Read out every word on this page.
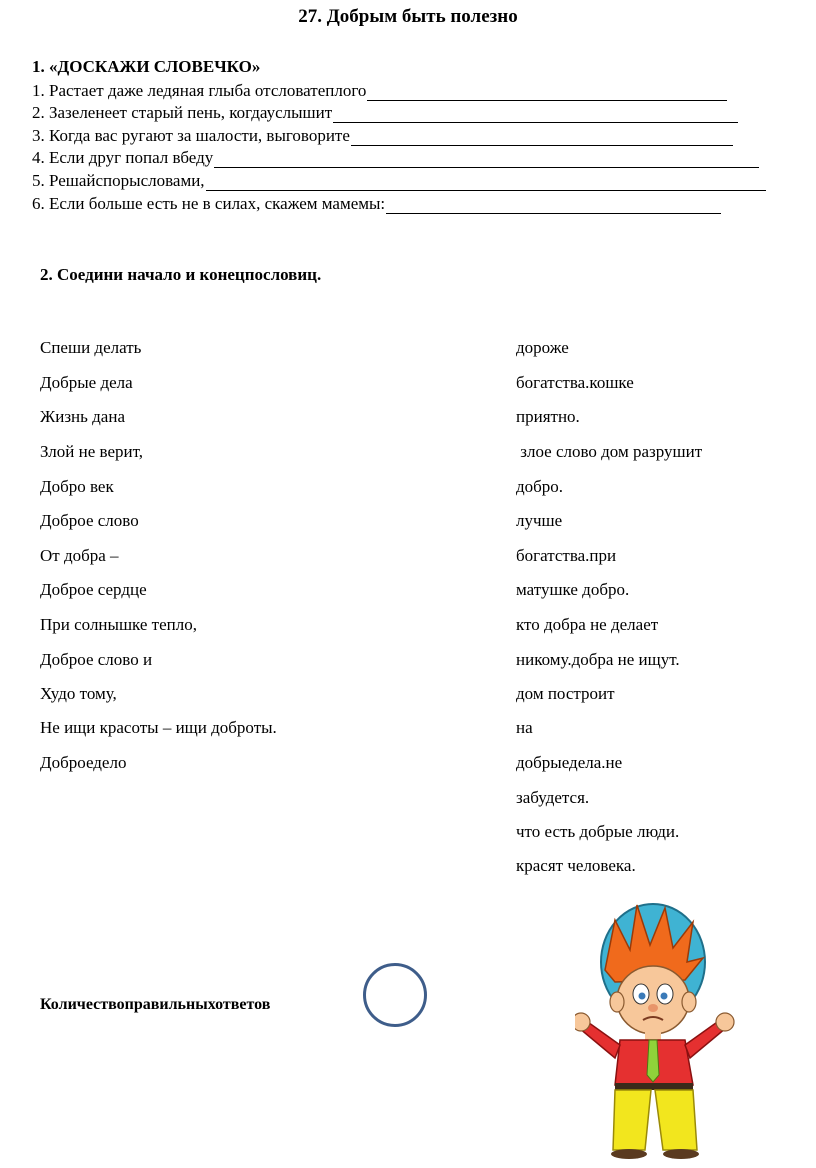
27. Добрым быть полезно
1. «ДОСКАЖИ СЛОВЕЧКО»
1. Растает даже ледяная глыба отсловатеплого
2. Зазеленеет старый пень, когдауслышит
3. Когда вас ругают за шалости, выговорите
4. Если друг попал вбеду
5. Решайспорысловами,
6. Если больше есть не в силах, скажем мамемы:
2. Соедини начало и конецпословиц.
Спеши делать
Добрые дела
Жизнь дана
Злой не верит,
Добро век
Доброе слово
От добра –
Доброе сердце
При солнышке тепло,
Доброе слово и
Худо тому,
Не ищи красоты – ищи доброты.
Доброедело
дороже
богатства.кошке
приятно.
злое слово дом разрушит
добро.
лучше
богатства.при
матушке добро.
кто добра не делает
никому.добра не ищут.
дом построит
на
добрыеделa.не
забудется.
что есть добрые люди.
красят человека.
Количествоправильныхответов
